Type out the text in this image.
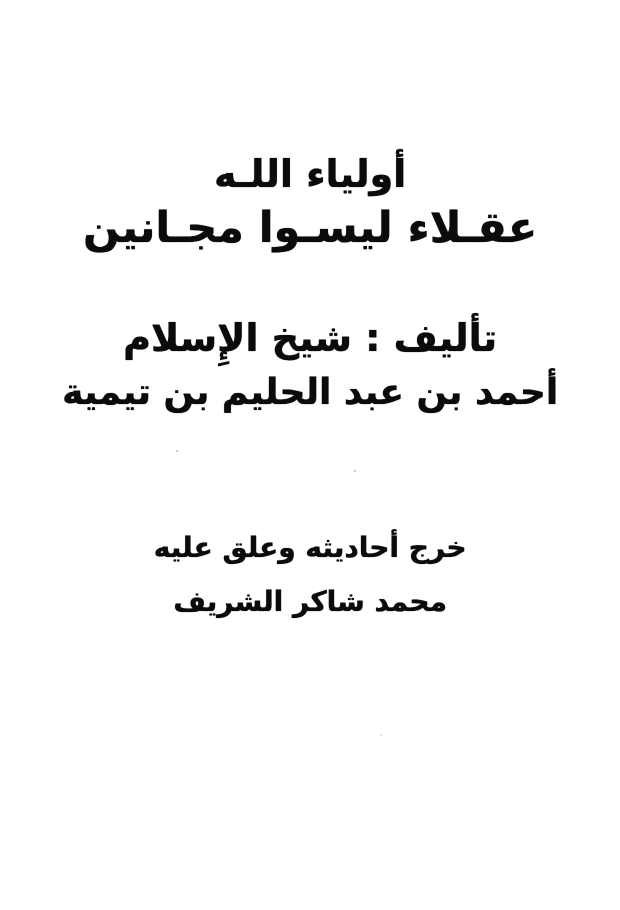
أولياء اللـه
عقـلاء ليسـوا مجـانين
تأليف : شيخ الإِسلام
أحمد بن عبد الحليم بن تيمية
خرج أحاديثه وعلق عليه
محمد شاكر الشريف
